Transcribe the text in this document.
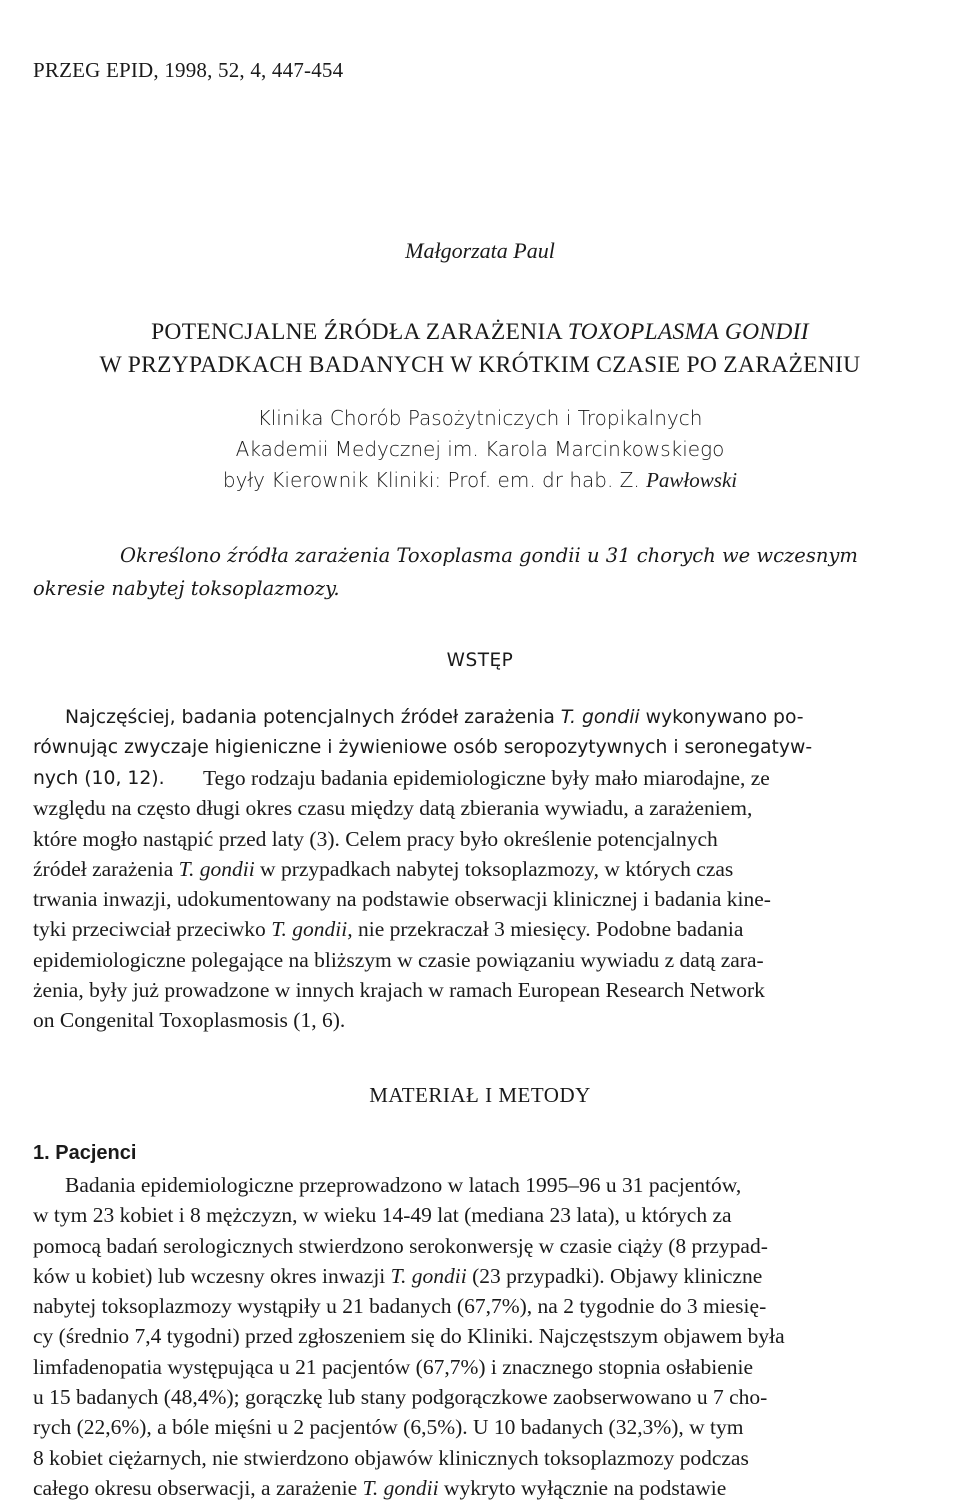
PRZEG EPID, 1998, 52, 4, 447-454
Małgorzata Paul
POTENCJALNE ŹRÓDŁA ZARAŻENIA TOXOPLASMA GONDII
W PRZYPADKACH BADANYCH W KRÓTKIM CZASIE PO ZARAŻENIU
Klinika Chorób Pasożytniczych i Tropikalnych
Akademii Medycznej im. Karola Marcinkowskiego
były Kierownik Kliniki: Prof. em. dr hab. Z. Pawłowski
Określono źródła zarażenia Toxoplasma gondii u 31 chorych we wczesnym
okresie nabytej toksoplazmozy.
WSTĘP
Najczęściej, badania potencjalnych źródeł zarażenia T. gondii wykonywano po-
równując zwyczaje higieniczne i żywieniowe osób seropozytywnych i seronegatyw-
nych (10, 12).	Tego rodzaju badania epidemiologiczne były mało miarodajne, ze
względu na często długi okres czasu między datą zbierania wywiadu, a zarażeniem,
które mogło nastąpić przed laty (3). Celem pracy było określenie potencjalnych
źródeł zarażenia T. gondii w przypadkach nabytej toksoplazmozy, w których czas
trwania inwazji, udokumentowany na podstawie obserwacji klinicznej i badania kine-
tyki przeciwciał przeciwko T. gondii, nie przekraczał 3 miesięcy. Podobne badania
epidemiologiczne polegające na bliższym w czasie powiązaniu wywiadu z datą zara-
żenia, były już prowadzone w innych krajach w ramach European Research Network
on Congenital Toxoplasmosis (1, 6).
MATERIAŁ I METODY
1. Pacjenci
Badania epidemiologiczne przeprowadzono w latach 1995–96 u 31 pacjentów,
w tym 23 kobiet i 8 mężczyzn, w wieku 14-49 lat (mediana 23 lata), u których za
pomocą badań serologicznych stwierdzono serokonwersję w czasie ciąży (8 przypad-
ków u kobiet) lub wczesny okres inwazji T. gondii (23 przypadki). Objawy kliniczne
nabytej toksoplazmozy wystąpiły u 21 badanych (67,7%), na 2 tygodnie do 3 miesię-
cy (średnio 7,4 tygodni) przed zgłoszeniem się do Kliniki. Najczęstszym objawem była
limfadenopatia występująca u 21 pacjentów (67,7%) i znacznego stopnia osłabienie
u 15 badanych (48,4%); gorączkę lub stany podgorączkowe zaobserwowano u 7 cho-
rych (22,6%), a bóle mięśni u 2 pacjentów (6,5%). U 10 badanych (32,3%), w tym
8 kobiet ciężarnych, nie stwierdzono objawów klinicznych toksoplazmozy podczas
całego okresu obserwacji, a zarażenie T. gondii wykryto wyłącznie na podstawie
